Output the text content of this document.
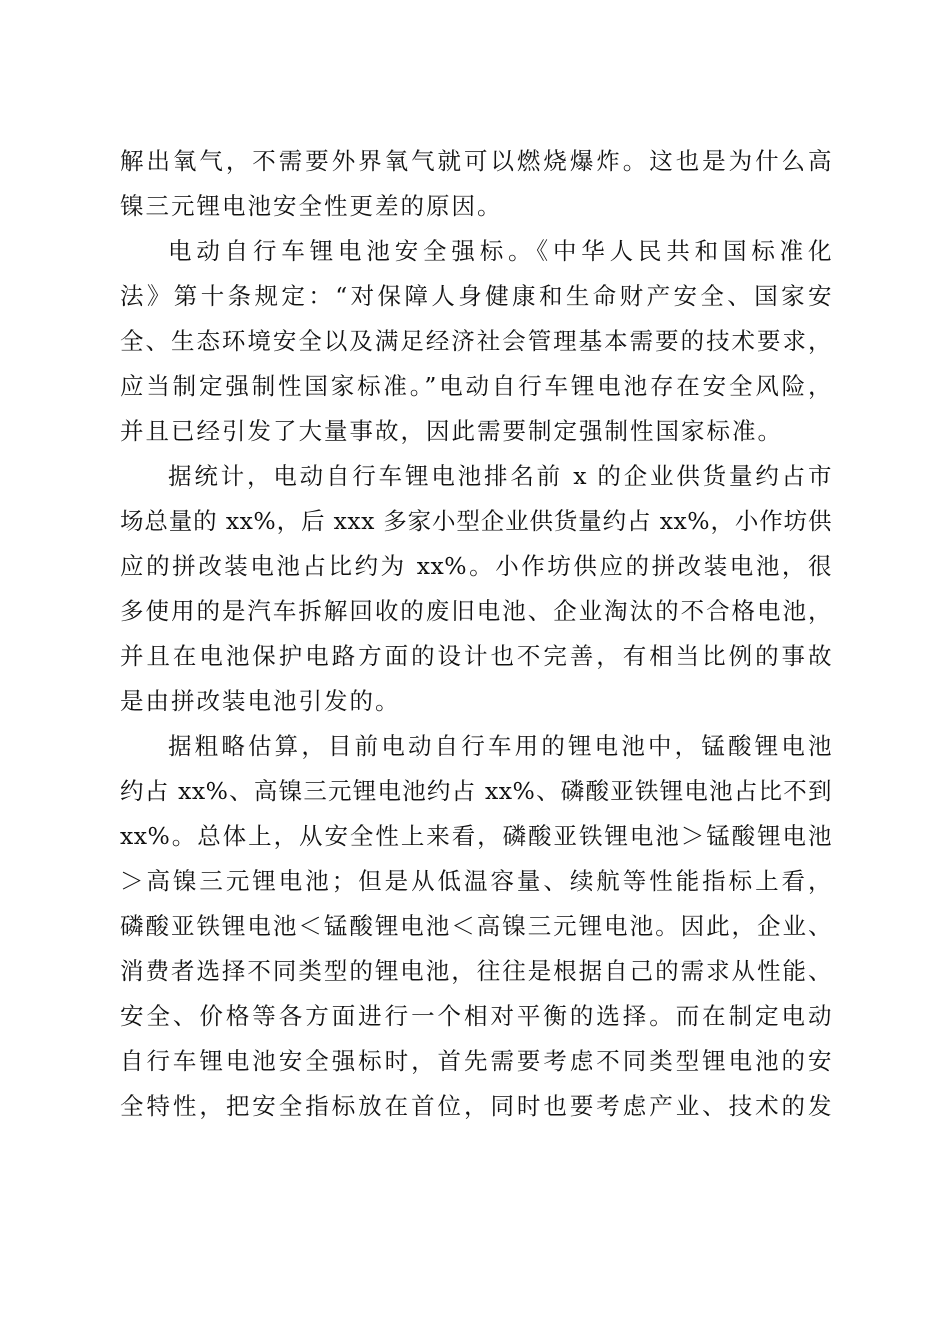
解出氧气，不需要外界氧气就可以燃烧爆炸。这也是为什么高
镍三元锂电池安全性更差的原因。
电动自行车锂电池安全强标。《中华人民共和国标准化
法》第十条规定：“对保障人身健康和生命财产安全、国家安
全、生态环境安全以及满足经济社会管理基本需要的技术要求，
应当制定强制性国家标准。”电动自行车锂电池存在安全风险，
并且已经引发了大量事故，因此需要制定强制性国家标准。
据统计，电动自行车锂电池排名前 x 的企业供货量约占市
场总量的 xx%，后 xxx 多家小型企业供货量约占 xx%，小作坊供
应的拼改装电池占比约为 xx%。小作坊供应的拼改装电池，很
多使用的是汽车拆解回收的废旧电池、企业淘汰的不合格电池，
并且在电池保护电路方面的设计也不完善，有相当比例的事故
是由拼改装电池引发的。
据粗略估算，目前电动自行车用的锂电池中，锰酸锂电池
约占 xx%、高镍三元锂电池约占 xx%、磷酸亚铁锂电池占比不到
xx%。总体上，从安全性上来看，磷酸亚铁锂电池＞锰酸锂电池
＞高镍三元锂电池；但是从低温容量、续航等性能指标上看，
磷酸亚铁锂电池＜锰酸锂电池＜高镍三元锂电池。因此，企业、
消费者选择不同类型的锂电池，往往是根据自己的需求从性能、
安全、价格等各方面进行一个相对平衡的选择。而在制定电动
自行车锂电池安全强标时，首先需要考虑不同类型锂电池的安
全特性，把安全指标放在首位，同时也要考虑产业、技术的发
